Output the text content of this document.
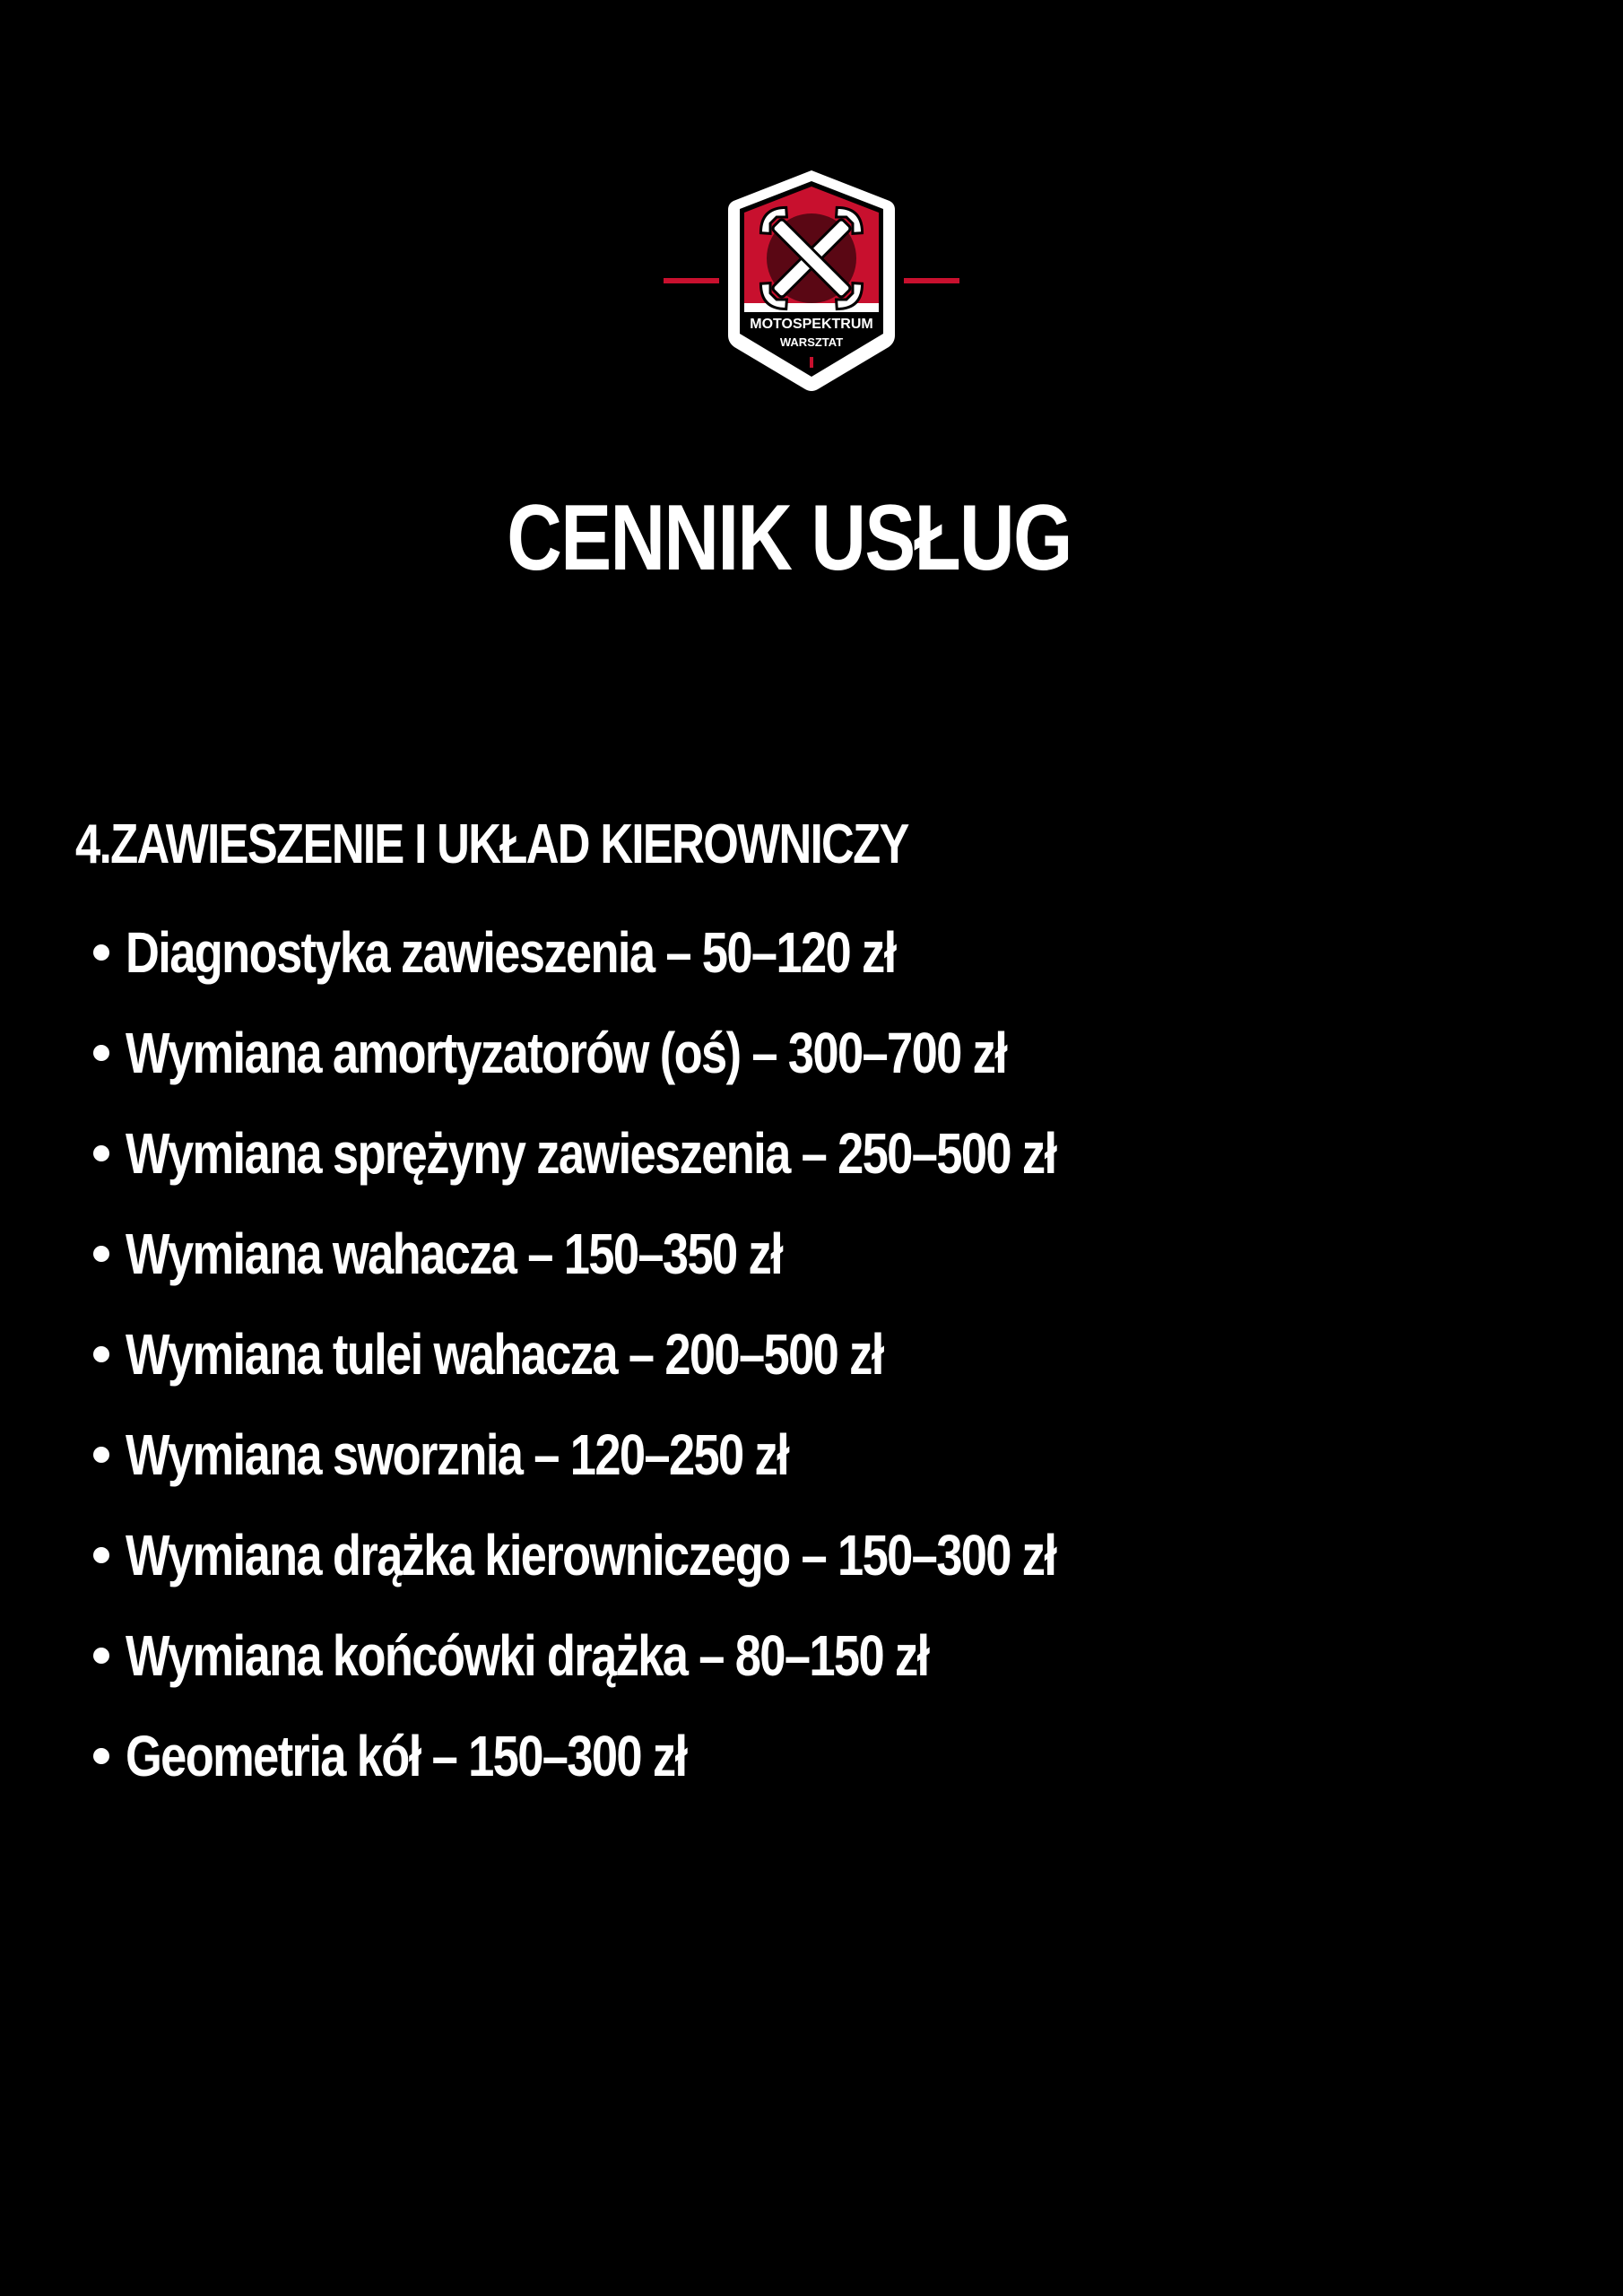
MOTOSPEKTRUM
WARSZTAT
CENNIK USŁUG
4.ZAWIESZENIE I UKŁAD KIEROWNICZY
Diagnostyka zawieszenia – 50–120 zł
Wymiana amortyzatorów (oś) – 300–700 zł
Wymiana sprężyny zawieszenia – 250–500 zł
Wymiana wahacza – 150–350 zł
Wymiana tulei wahacza – 200–500 zł
Wymiana sworznia – 120–250 zł
Wymiana drążka kierowniczego – 150–300 zł
Wymiana końcówki drążka – 80–150 zł
Geometria kół – 150–300 zł
